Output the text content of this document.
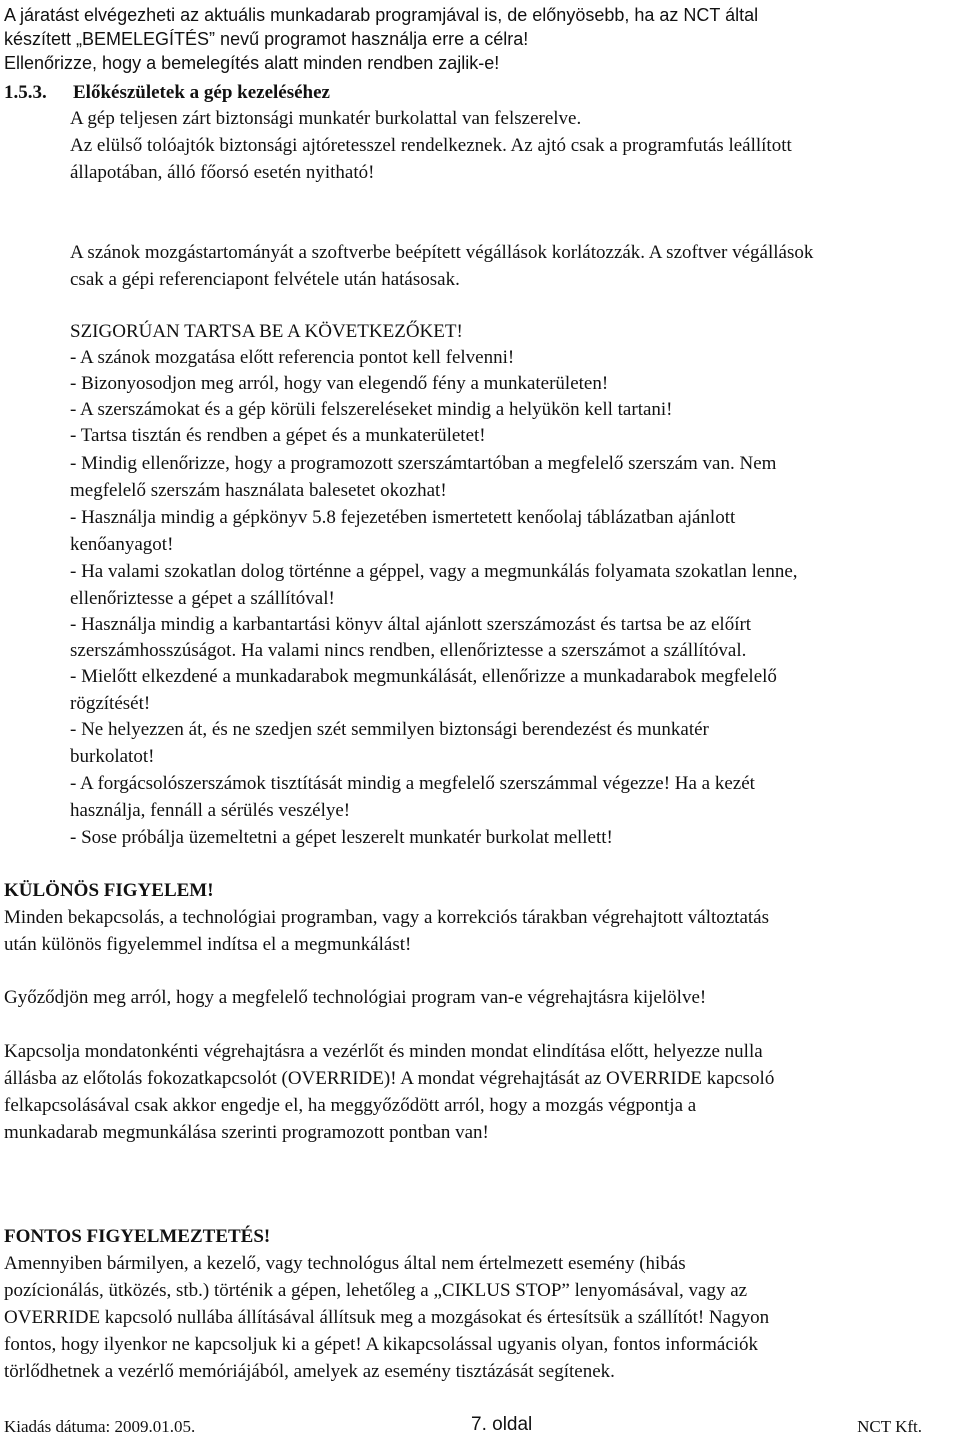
A járatást elvégezheti az aktuális munkadarab programjával is, de előnyösebb, ha az NCT által
készített „BEMELEGÍTÉS” nevű programot használja erre a célra!
Ellenőrizze, hogy a bemelegítés alatt minden rendben zajlik-e!
1.5.3. Előkészületek a gép kezeléséhez
A gép teljesen zárt biztonsági munkatér burkolattal van felszerelve.
Az elülső tolóajtók biztonsági ajtóretesszel rendelkeznek. Az ajtó csak a programfutás leállított
állapotában, álló főorsó esetén nyitható!
A szánok mozgástartományát a szoftverbe beépített végállások korlátozzák. A szoftver végállások
csak a gépi referenciapont felvétele után hatásosak.
SZIGORÚAN TARTSA BE A KÖVETKEZŐKET!
- A szánok mozgatása előtt referencia pontot kell felvenni!
- Bizonyosodjon meg arról, hogy van elegendő fény a munkaterületen!
- A szerszámokat és a gép körüli felszereléseket mindig a helyükön kell tartani!
- Tartsa tisztán és rendben a gépet és a munkaterületet!
- Mindig ellenőrizze, hogy a programozott szerszámtartóban a megfelelő szerszám van. Nem
megfelelő szerszám használata balesetet okozhat!
- Használja mindig a gépkönyv 5.8 fejezetében ismertetett kenőolaj táblázatban ajánlott
kenőanyagot!
- Ha valami szokatlan dolog történne a géppel, vagy a megmunkálás folyamata szokatlan lenne,
ellenőriztesse a gépet a szállítóval!
- Használja mindig a karbantartási könyv által ajánlott szerszámozást és tartsa be az előírt
szerszámhosszúságot. Ha valami nincs rendben, ellenőriztesse a szerszámot a szállítóval.
- Mielőtt elkezdené a munkadarabok megmunkálását, ellenőrizze a munkadarabok megfelelő
rögzítését!
- Ne helyezzen át, és ne szedjen szét semmilyen biztonsági berendezést és munkatér
burkolatot!
- A forgácsolószerszámok tisztítását mindig a megfelelő szerszámmal végezze! Ha a kezét
használja, fennáll a sérülés veszélye!
- Sose próbálja üzemeltetni a gépet leszerelt munkatér burkolat mellett!
KÜLÖNÖS FIGYELEM!
Minden bekapcsolás, a technológiai programban, vagy a korrekciós tárakban végrehajtott változtatás
után különös figyelemmel indítsa el a megmunkálást!
Győződjön meg arról, hogy a megfelelő technológiai program van-e végrehajtásra kijelölve!
Kapcsolja mondatonkénti végrehajtásra a vezérlőt és minden mondat elindítása előtt, helyezze nulla
állásba az előtolás fokozatkapcsolót (OVERRIDE)! A mondat végrehajtását az OVERRIDE kapcsoló
felkapcsolásával csak akkor engedje el, ha meggyőződött arról, hogy a mozgás végpontja a
munkadarab megmunkálása szerinti programozott pontban van!
FONTOS FIGYELMEZTETÉS!
Amennyiben bármilyen, a kezelő, vagy technológus által nem értelmezett esemény (hibás
pozícionálás, ütközés, stb.) történik a gépen, lehetőleg a „CIKLUS STOP” lenyomásával, vagy az
OVERRIDE kapcsoló nullába állításával állítsuk meg a mozgásokat és értesítsük a szállítót! Nagyon
fontos, hogy ilyenkor ne kapcsoljuk ki a gépet! A kikapcsolással ugyanis olyan, fontos információk
törlődhetnek a vezérlő memóriájából, amelyek az esemény tisztázását segítenek.
Kiadás dátuma: 2009.01.05.	7. oldal	NCT Kft.
